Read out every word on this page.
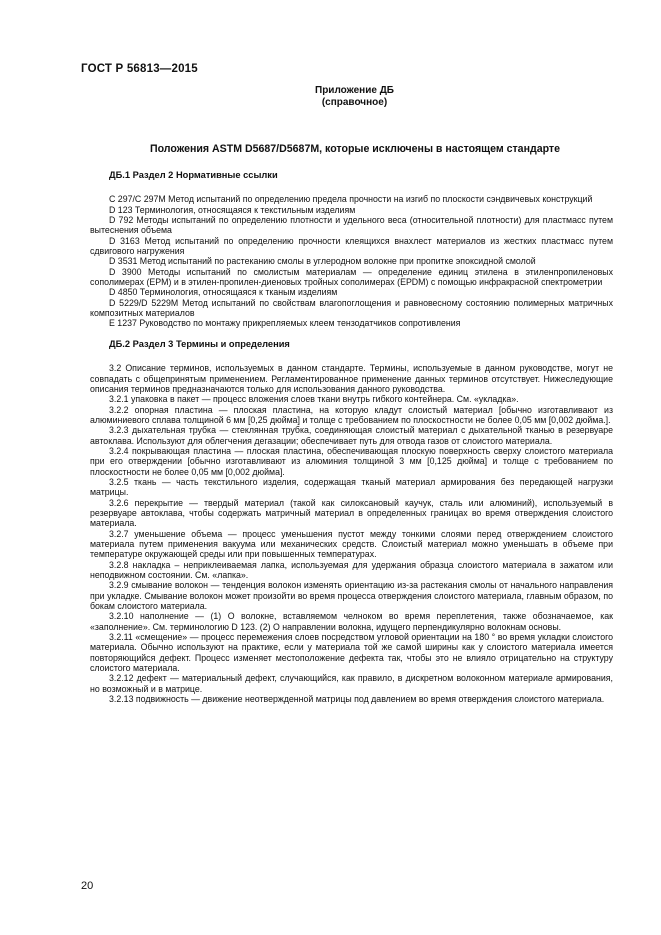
ГОСТ Р 56813—2015
Приложение ДБ
(справочное)
Положения ASTM D5687/D5687M, которые исключены в настоящем стандарте
ДБ.1 Раздел 2 Нормативные ссылки

С 297/С 297М Метод испытаний по определению предела прочности на изгиб по плоскости сэндвичевых конструкций

D 123 Терминология, относящаяся к текстильным изделиям

D 792 Методы испытаний по определению плотности и удельного веса (относительной плотности) для пластмасс путем вытеснения объема

D 3163 Метод испытаний по определению прочности клеящихся внахлест материалов из жестких пластмасс путем сдвигового нагружения

D 3531 Метод испытаний по растеканию смолы в углеродном волокне при пропитке эпоксидной смолой

D 3900 Методы испытаний по смолистым материалам — определение единиц этилена в этиленпропиленовых сополимерах (EPM) и в этилен-пропилен-диеновых тройных сополимерах (EPDM) с помощью инфракрасной спектрометрии

D 4850 Терминология, относящаяся к тканым изделиям

D 5229/D 5229M Метод испытаний по свойствам влагопоглощения и равновесному состоянию полимерных матричных композитных материалов

E 1237 Руководство по монтажу прикрепляемых клеем тензодатчиков сопротивления

ДБ.2 Раздел 3 Термины и определения

3.2 Описание терминов, используемых в данном стандарте. Термины, используемые в данном руководстве, могут не совпадать с общепринятым применением. Регламентированное применение данных терминов отсутствует. Нижеследующие описания терминов предназначаются только для использования данного руководства.

3.2.1 упаковка в пакет — процесс вложения слоев ткани внутрь гибкого контейнера. См. «укладка».

3.2.2 опорная пластина — плоская пластина, на которую кладут слоистый материал [обычно изготавливают из алюминиевого сплава толщиной 6 мм [0,25 дюйма] и толще с требованием по плоскостности не более 0,05 мм [0,002 дюйма.].

3.2.3 дыхательная трубка — стеклянная трубка, соединяющая слоистый материал с дыхательной тканью в резервуаре автоклава. Используют для облегчения дегазации; обеспечивает путь для отвода газов от слоистого материала.

3.2.4 покрывающая пластина — плоская пластина, обеспечивающая плоскую поверхность сверху слоистого материала при его отверждении [обычно изготавливают из алюминия толщиной 3 мм [0,125 дюйма] и толще с требованием по плоскостности не более 0,05 мм [0,002 дюйма].

3.2.5 ткань — часть текстильного изделия, содержащая тканый материал армирования без передающей нагрузки матрицы.

3.2.6 перекрытие — твердый материал (такой как силоксановый каучук, сталь или алюминий), используемый в резервуаре автоклава, чтобы содержать матричный материал в определенных границах во время отверждения слоистого материала.

3.2.7 уменьшение объема — процесс уменьшения пустот между тонкими слоями перед отверждением слоистого материала путем применения вакуума или механических средств. Слоистый материал можно уменьшать в объеме при температуре окружающей среды или при повышенных температурах.

3.2.8 накладка – неприклеиваемая лапка, используемая для удержания образца слоистого материала в зажатом или неподвижном состоянии. См. «лапка».

3.2.9 смывание волокон — тенденция волокон изменять ориентацию из-за растекания смолы от начального направления при укладке. Смывание волокон может произойти во время процесса отверждения слоистого материала, главным образом, по бокам слоистого материала.

3.2.10 наполнение — (1) О волокне, вставляемом челноком во время переплетения, также обозначаемое, как «заполнение». См. терминологию D 123. (2) О направлении волокна, идущего перпендикулярно волокнам основы.

3.2.11 «смещение» — процесс перемежения слоев посредством угловой ориентации на 180 ° во время укладки слоистого материала. Обычно используют на практике, если у материала той же самой ширины как у слоистого материала имеется повторяющийся дефект. Процесс изменяет местоположение дефекта так, чтобы это не влияло отрицательно на структуру слоистого материала.

3.2.12 дефект — материальный дефект, случающийся, как правило, в дискретном волоконном материале армирования, но возможный и в матрице.

3.2.13 подвижность — движение неотвержденной матрицы под давлением во время отверждения слоистого материала.

20
